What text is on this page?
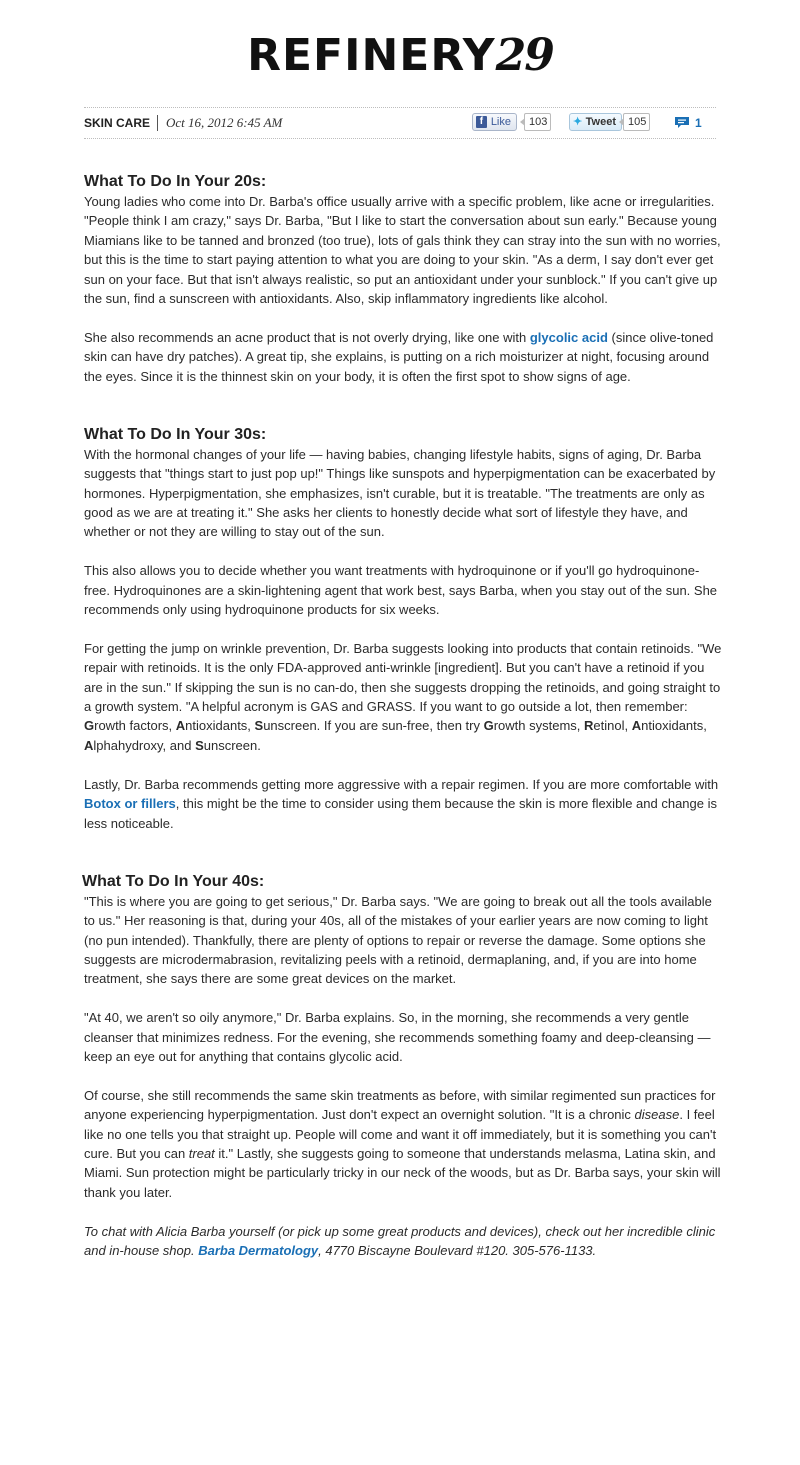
REFINERY29
SKIN CARE Oct 16, 2012 6:45 AM	f Like	103	✦ Tweet	105	1
What To Do In Your 20s:

Young ladies who come into Dr. Barba's office usually arrive with a specific problem, like acne or irregularities. "People think I am crazy," says Dr. Barba, "But I like to start the conversation about sun early." Because young Miamians like to be tanned and bronzed (too true), lots of gals think they can stray into the sun with no worries, but this is the time to start paying attention to what you are doing to your skin. "As a derm, I say don't ever get sun on your face. But that isn't always realistic, so put an antioxidant under your sunblock." If you can't give up the sun, find a sunscreen with antioxidants. Also, skip inflammatory ingredients like alcohol.

She also recommends an acne product that is not overly drying, like one with glycolic acid (since olive-toned skin can have dry patches). A great tip, she explains, is putting on a rich moisturizer at night, focusing around the eyes. Since it is the thinnest skin on your body, it is often the first spot to show signs of age.

What To Do In Your 30s:

With the hormonal changes of your life — having babies, changing lifestyle habits, signs of aging, Dr. Barba suggests that "things start to just pop up!" Things like sunspots and hyperpigmentation can be exacerbated by hormones. Hyperpigmentation, she emphasizes, isn't curable, but it is treatable. "The treatments are only as good as we are at treating it." She asks her clients to honestly decide what sort of lifestyle they have, and whether or not they are willing to stay out of the sun.

This also allows you to decide whether you want treatments with hydroquinone or if you'll go hydroquinone-free. Hydroquinones are a skin-lightening agent that work best, says Barba, when you stay out of the sun. She recommends only using hydroquinone products for six weeks.

For getting the jump on wrinkle prevention, Dr. Barba suggests looking into products that contain retinoids. "We repair with retinoids. It is the only FDA-approved anti-wrinkle [ingredient]. But you can't have a retinoid if you are in the sun." If skipping the sun is no can-do, then she suggests dropping the retinoids, and going straight to a growth system. "A helpful acronym is GAS and GRASS. If you want to go outside a lot, then remember: Growth factors, Antioxidants, Sunscreen. If you are sun-free, then try Growth systems, Retinol, Antioxidants, Alphahydroxy, and Sunscreen.

Lastly, Dr. Barba recommends getting more aggressive with a repair regimen. If you are more comfortable with Botox or fillers, this might be the time to consider using them because the skin is more flexible and change is less noticeable.

What To Do In Your 40s:

"This is where you are going to get serious," Dr. Barba says. "We are going to break out all the tools available to us." Her reasoning is that, during your 40s, all of the mistakes of your earlier years are now coming to light (no pun intended). Thankfully, there are plenty of options to repair or reverse the damage. Some options she suggests are microdermabrasion, revitalizing peels with a retinoid, dermaplaning, and, if you are into home treatment, she says there are some great devices on the market.

"At 40, we aren't so oily anymore," Dr. Barba explains. So, in the morning, she recommends a very gentle cleanser that minimizes redness. For the evening, she recommends something foamy and deep-cleansing — keep an eye out for anything that contains glycolic acid.

Of course, she still recommends the same skin treatments as before, with similar regimented sun practices for anyone experiencing hyperpigmentation. Just don't expect an overnight solution. "It is a chronic disease. I feel like no one tells you that straight up. People will come and want it off immediately, but it is something you can't cure. But you can treat it." Lastly, she suggests going to someone that understands melasma, Latina skin, and Miami. Sun protection might be particularly tricky in our neck of the woods, but as Dr. Barba says, your skin will thank you later.

To chat with Alicia Barba yourself (or pick up some great products and devices), check out her incredible clinic and in-house shop. Barba Dermatology, 4770 Biscayne Boulevard #120. 305-576-1133.
